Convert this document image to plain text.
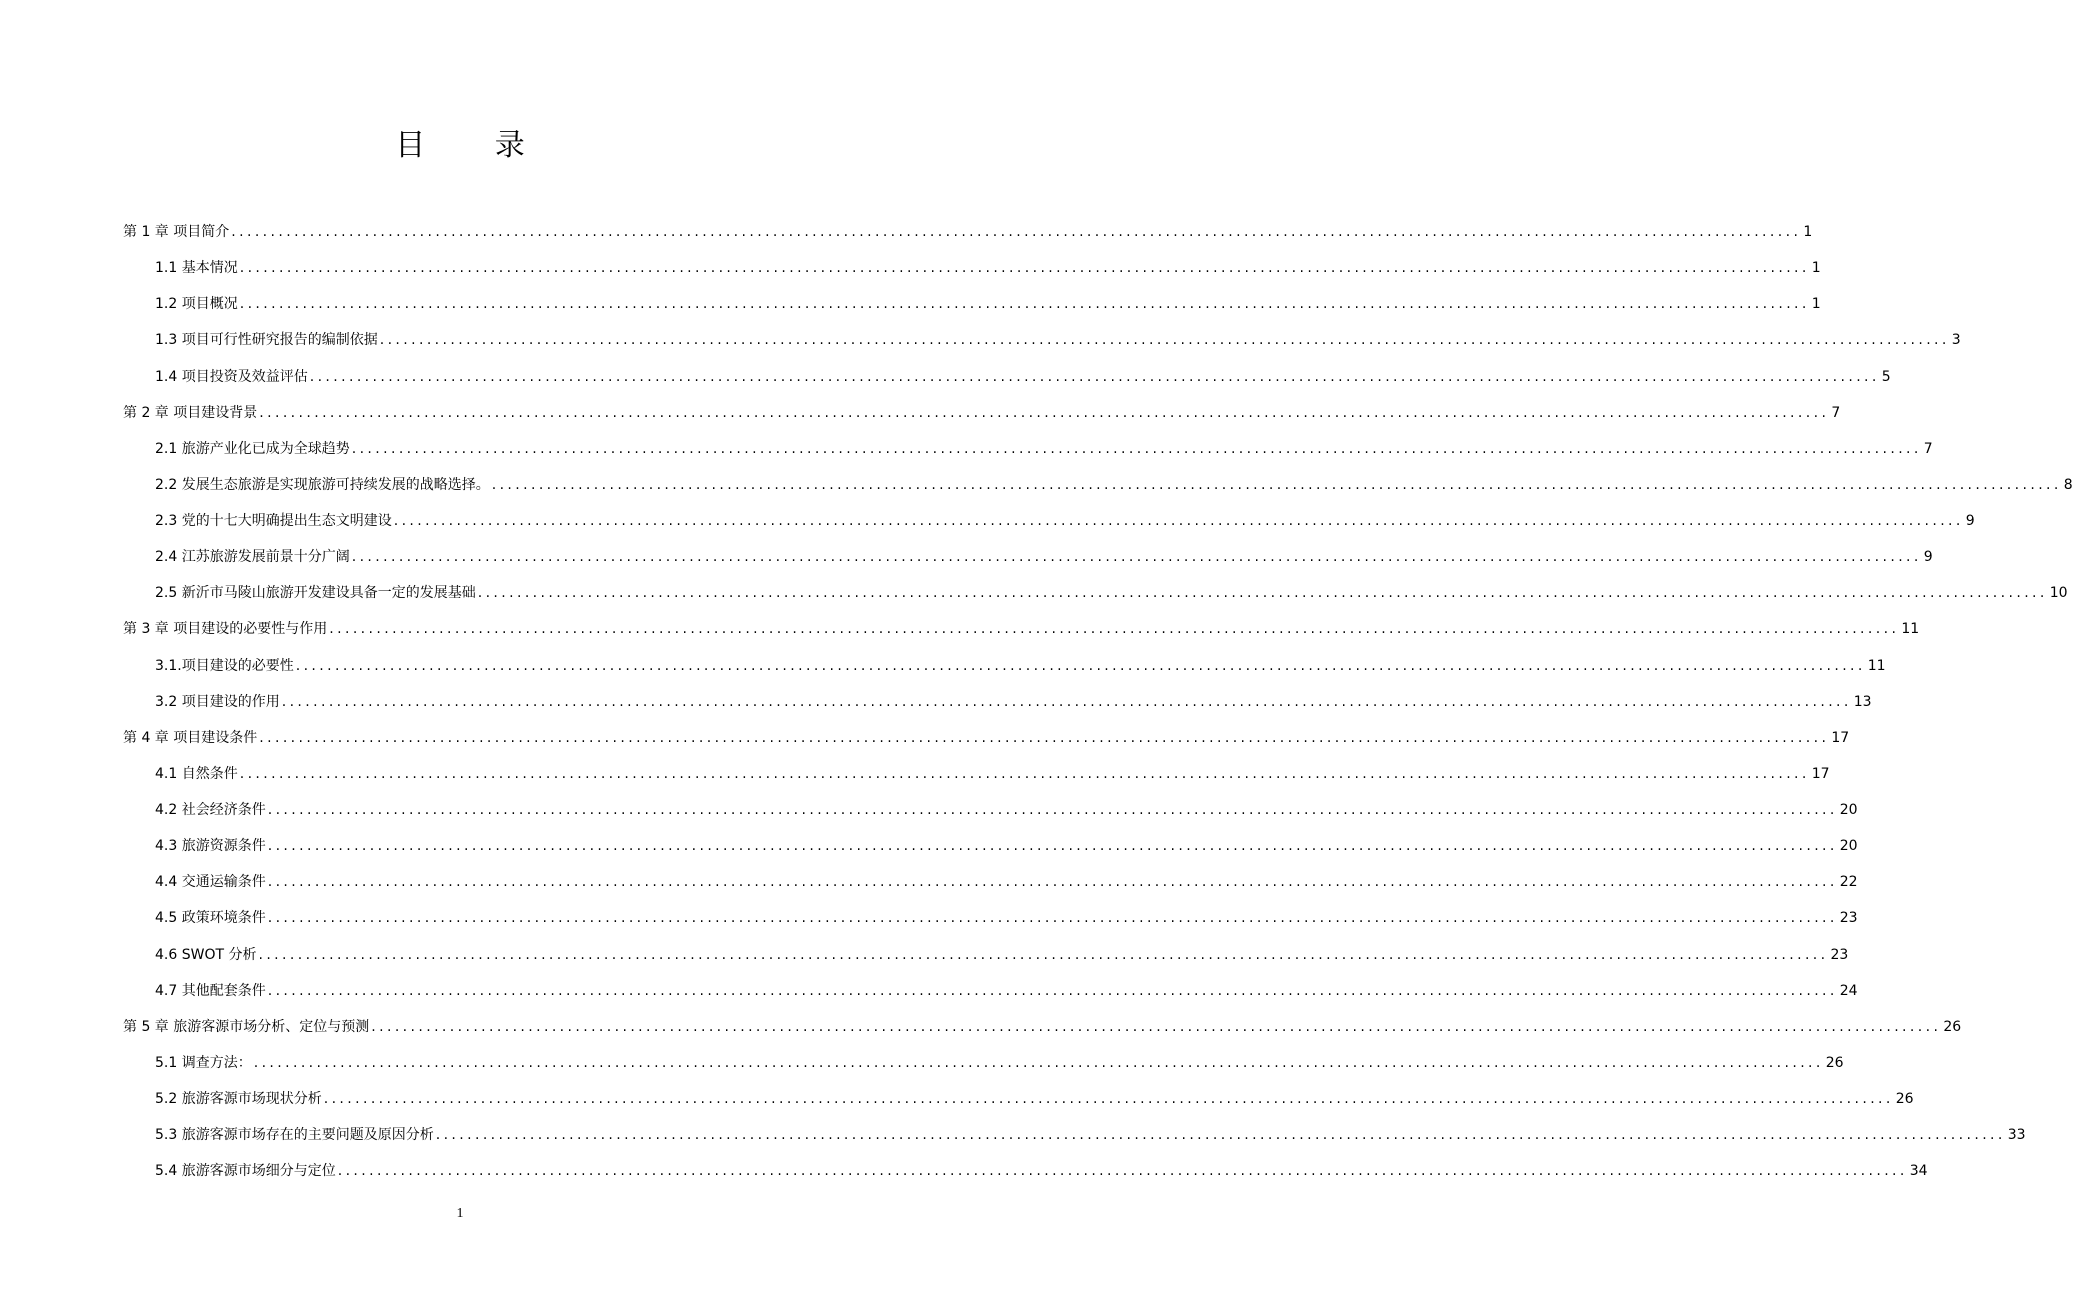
目 录
第 1 章 项目简介 ........................................................................................................................................................................................................ 1
1.1 基本情况 ........................................................................................................................................................................................................ 1
1.2 项目概况 ........................................................................................................................................................................................................ 1
1.3 项目可行性研究报告的编制依据 ........................................................................................................................................................................................................ 3
1.4 项目投资及效益评估 ........................................................................................................................................................................................................ 5
第 2 章 项目建设背景 ........................................................................................................................................................................................................ 7
2.1 旅游产业化已成为全球趋势 ........................................................................................................................................................................................................ 7
2.2 发展生态旅游是实现旅游可持续发展的战略选择。 ........................................................................................................................................................................................................ 8
2.3 党的十七大明确提出生态文明建设 ........................................................................................................................................................................................................ 9
2.4 江苏旅游发展前景十分广阔 ........................................................................................................................................................................................................ 9
2.5 新沂市马陵山旅游开发建设具备一定的发展基础 ........................................................................................................................................................................................................ 10
第 3 章 项目建设的必要性与作用 ........................................................................................................................................................................................................ 11
3.1.项目建设的必要性 ........................................................................................................................................................................................................ 11
3.2 项目建设的作用 ........................................................................................................................................................................................................ 13
第 4 章 项目建设条件 ........................................................................................................................................................................................................ 17
4.1 自然条件 ........................................................................................................................................................................................................ 17
4.2 社会经济条件 ........................................................................................................................................................................................................ 20
4.3 旅游资源条件 ........................................................................................................................................................................................................ 20
4.4 交通运输条件 ........................................................................................................................................................................................................ 22
4.5 政策环境条件 ........................................................................................................................................................................................................ 23
4.6 SWOT 分析 ........................................................................................................................................................................................................ 23
4.7 其他配套条件 ........................................................................................................................................................................................................ 24
第 5 章 旅游客源市场分析、定位与预测 ........................................................................................................................................................................................................ 26
5.1 调查方法： ........................................................................................................................................................................................................ 26
5.2 旅游客源市场现状分析 ........................................................................................................................................................................................................ 26
5.3 旅游客源市场存在的主要问题及原因分析 ........................................................................................................................................................................................................ 33
5.4 旅游客源市场细分与定位 ........................................................................................................................................................................................................ 34
1
